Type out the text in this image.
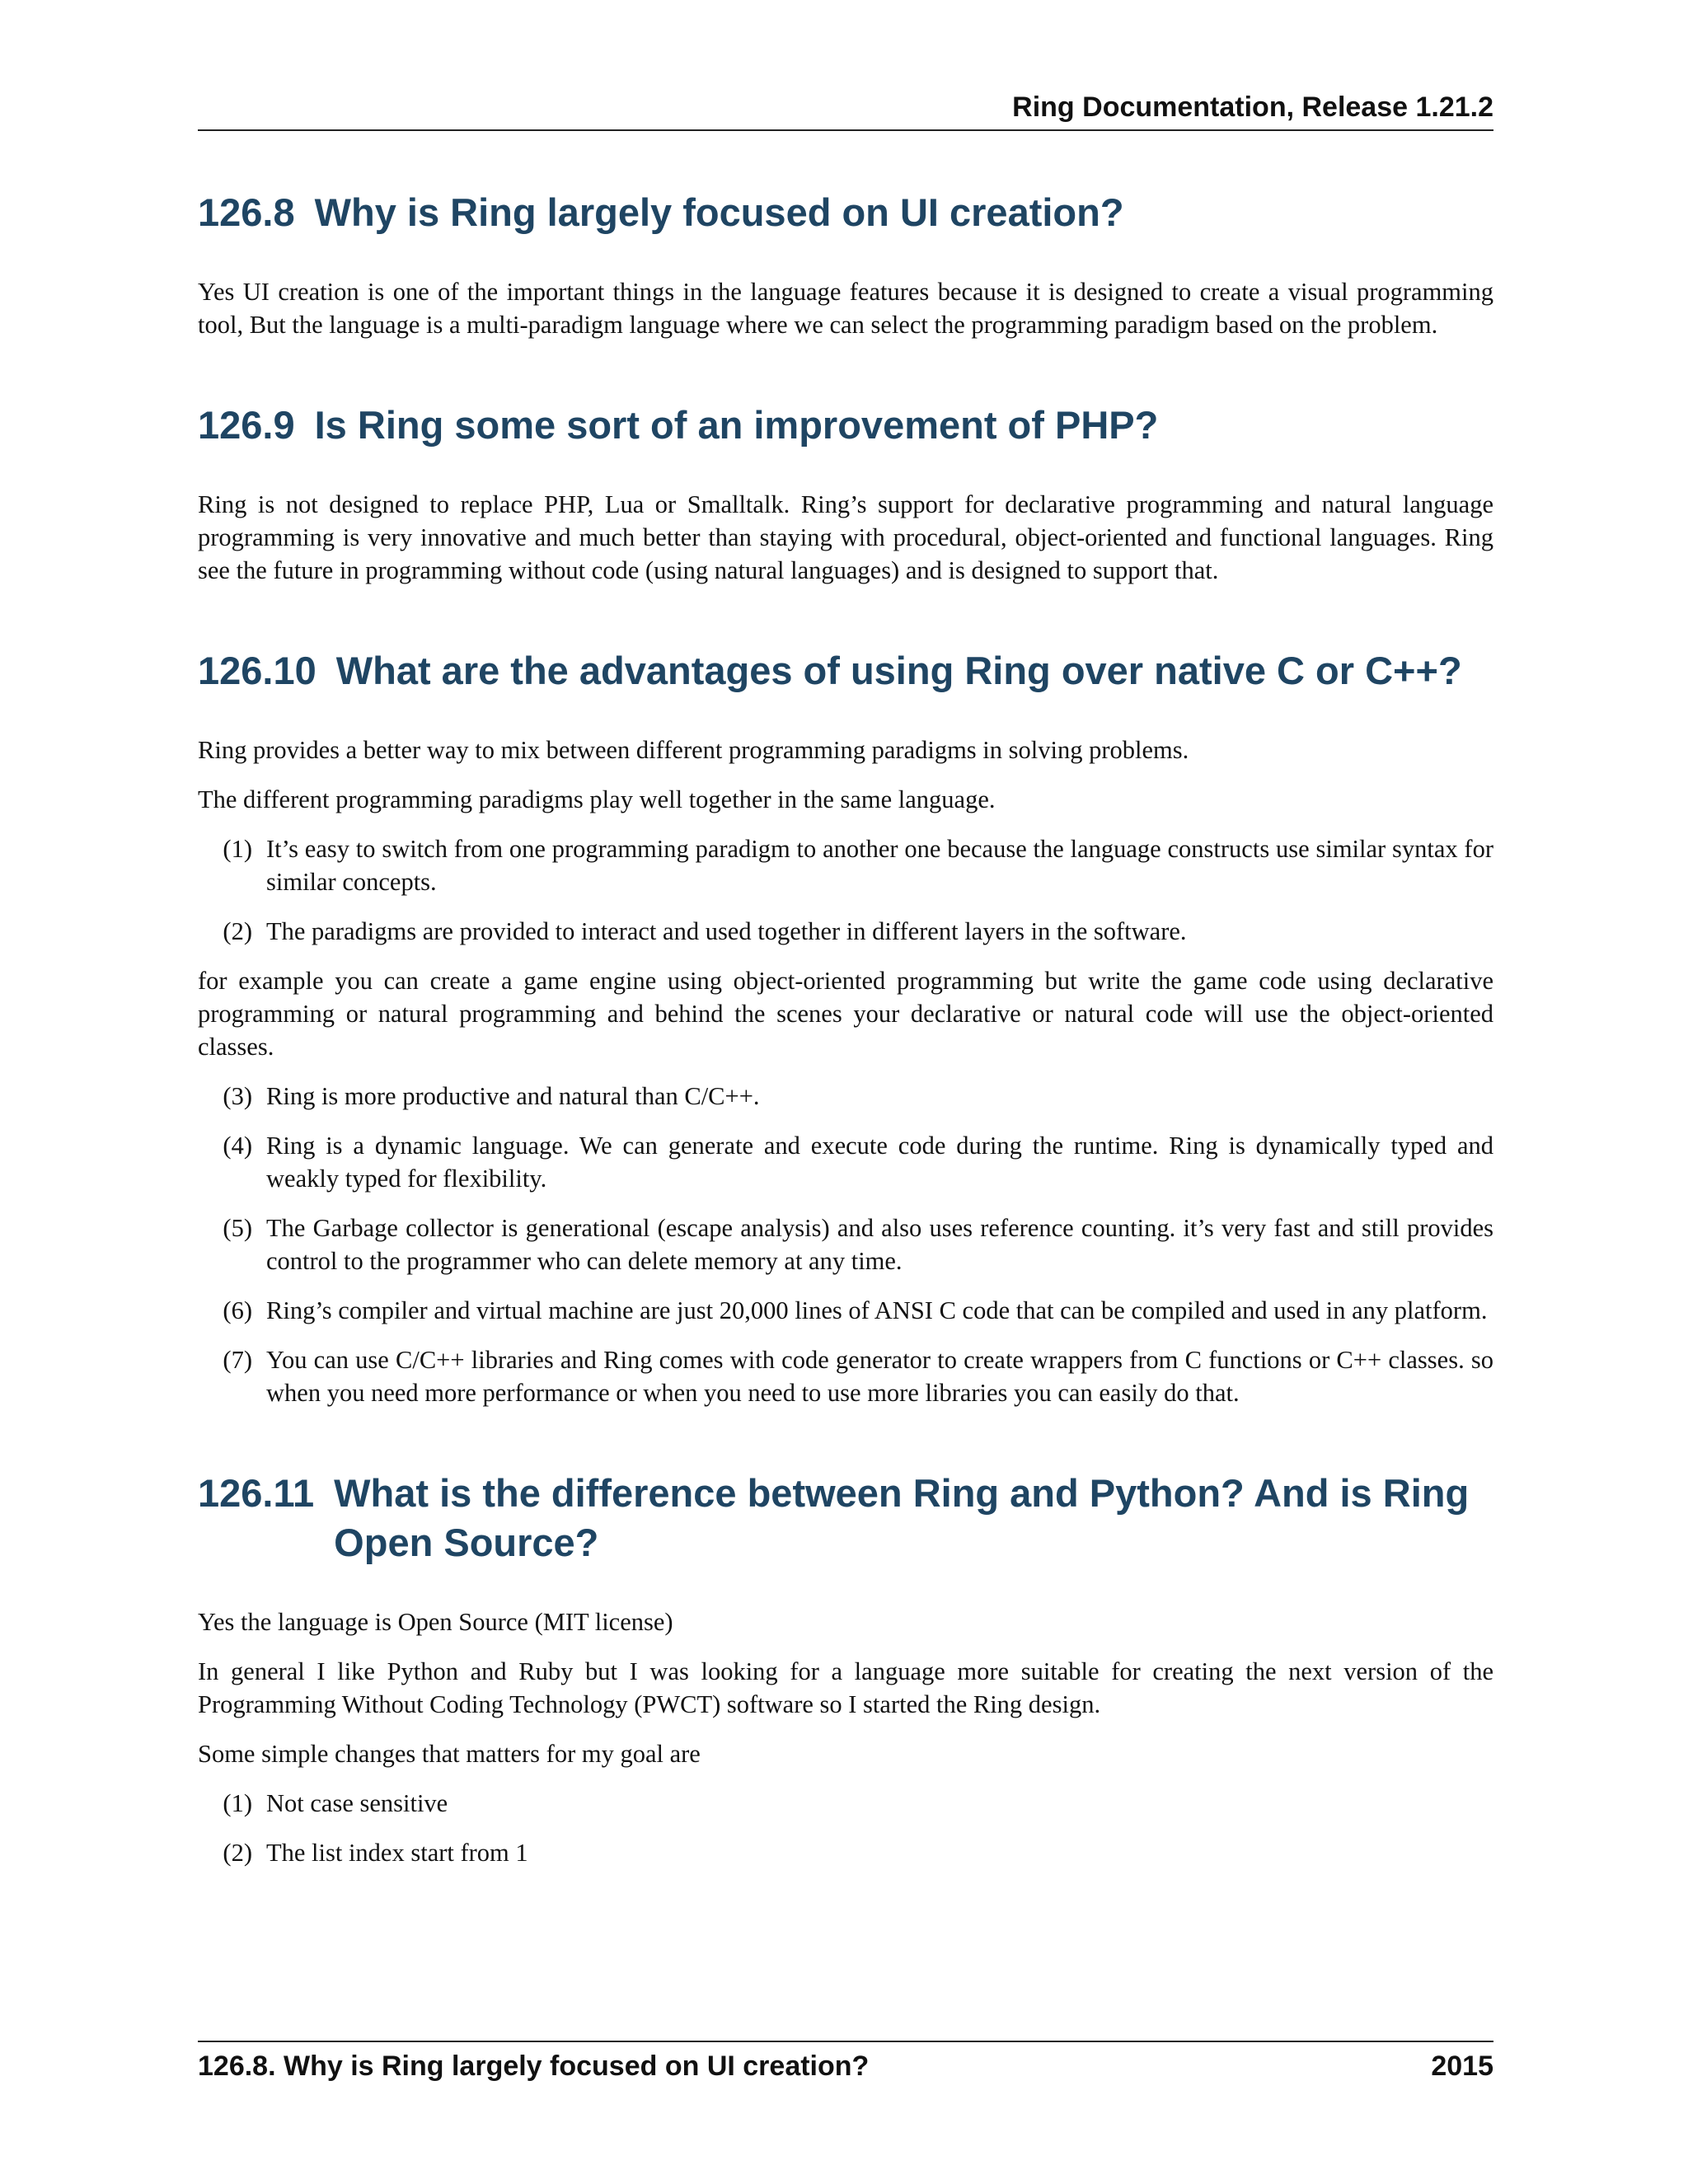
Ring Documentation, Release 1.21.2
126.8 Why is Ring largely focused on UI creation?

Yes UI creation is one of the important things in the language features because it is designed to create a visual programming tool, But the language is a multi-paradigm language where we can select the programming paradigm based on the problem.

126.9 Is Ring some sort of an improvement of PHP?

Ring is not designed to replace PHP, Lua or Smalltalk. Ring’s support for declarative programming and natural language programming is very innovative and much better than staying with procedural, object-oriented and functional languages. Ring see the future in programming without code (using natural languages) and is designed to support that.

126.10 What are the advantages of using Ring over native C or C++?

Ring provides a better way to mix between different programming paradigms in solving problems.

The different programming paradigms play well together in the same language.

(1) It’s easy to switch from one programming paradigm to another one because the language constructs use similar syntax for similar concepts.
(2) The paradigms are provided to interact and used together in different layers in the software.

for example you can create a game engine using object-oriented programming but write the game code using declarative programming or natural programming and behind the scenes your declarative or natural code will use the object-oriented classes.

(3) Ring is more productive and natural than C/C++.
(4) Ring is a dynamic language. We can generate and execute code during the runtime. Ring is dynamically typed and weakly typed for flexibility.
(5) The Garbage collector is generational (escape analysis) and also uses reference counting. it’s very fast and still provides control to the programmer who can delete memory at any time.
(6) Ring’s compiler and virtual machine are just 20,000 lines of ANSI C code that can be compiled and used in any platform.
(7) You can use C/C++ libraries and Ring comes with code generator to create wrappers from C functions or C++ classes. so when you need more performance or when you need to use more libraries you can easily do that.
126.11 What is the difference between Ring and Python? And is Ring Open Source?

Yes the language is Open Source (MIT license)

In general I like Python and Ruby but I was looking for a language more suitable for creating the next version of the Programming Without Coding Technology (PWCT) software so I started the Ring design.

Some simple changes that matters for my goal are

(1) Not case sensitive
(2) The list index start from 1
126.8. Why is Ring largely focused on UI creation?	2015
